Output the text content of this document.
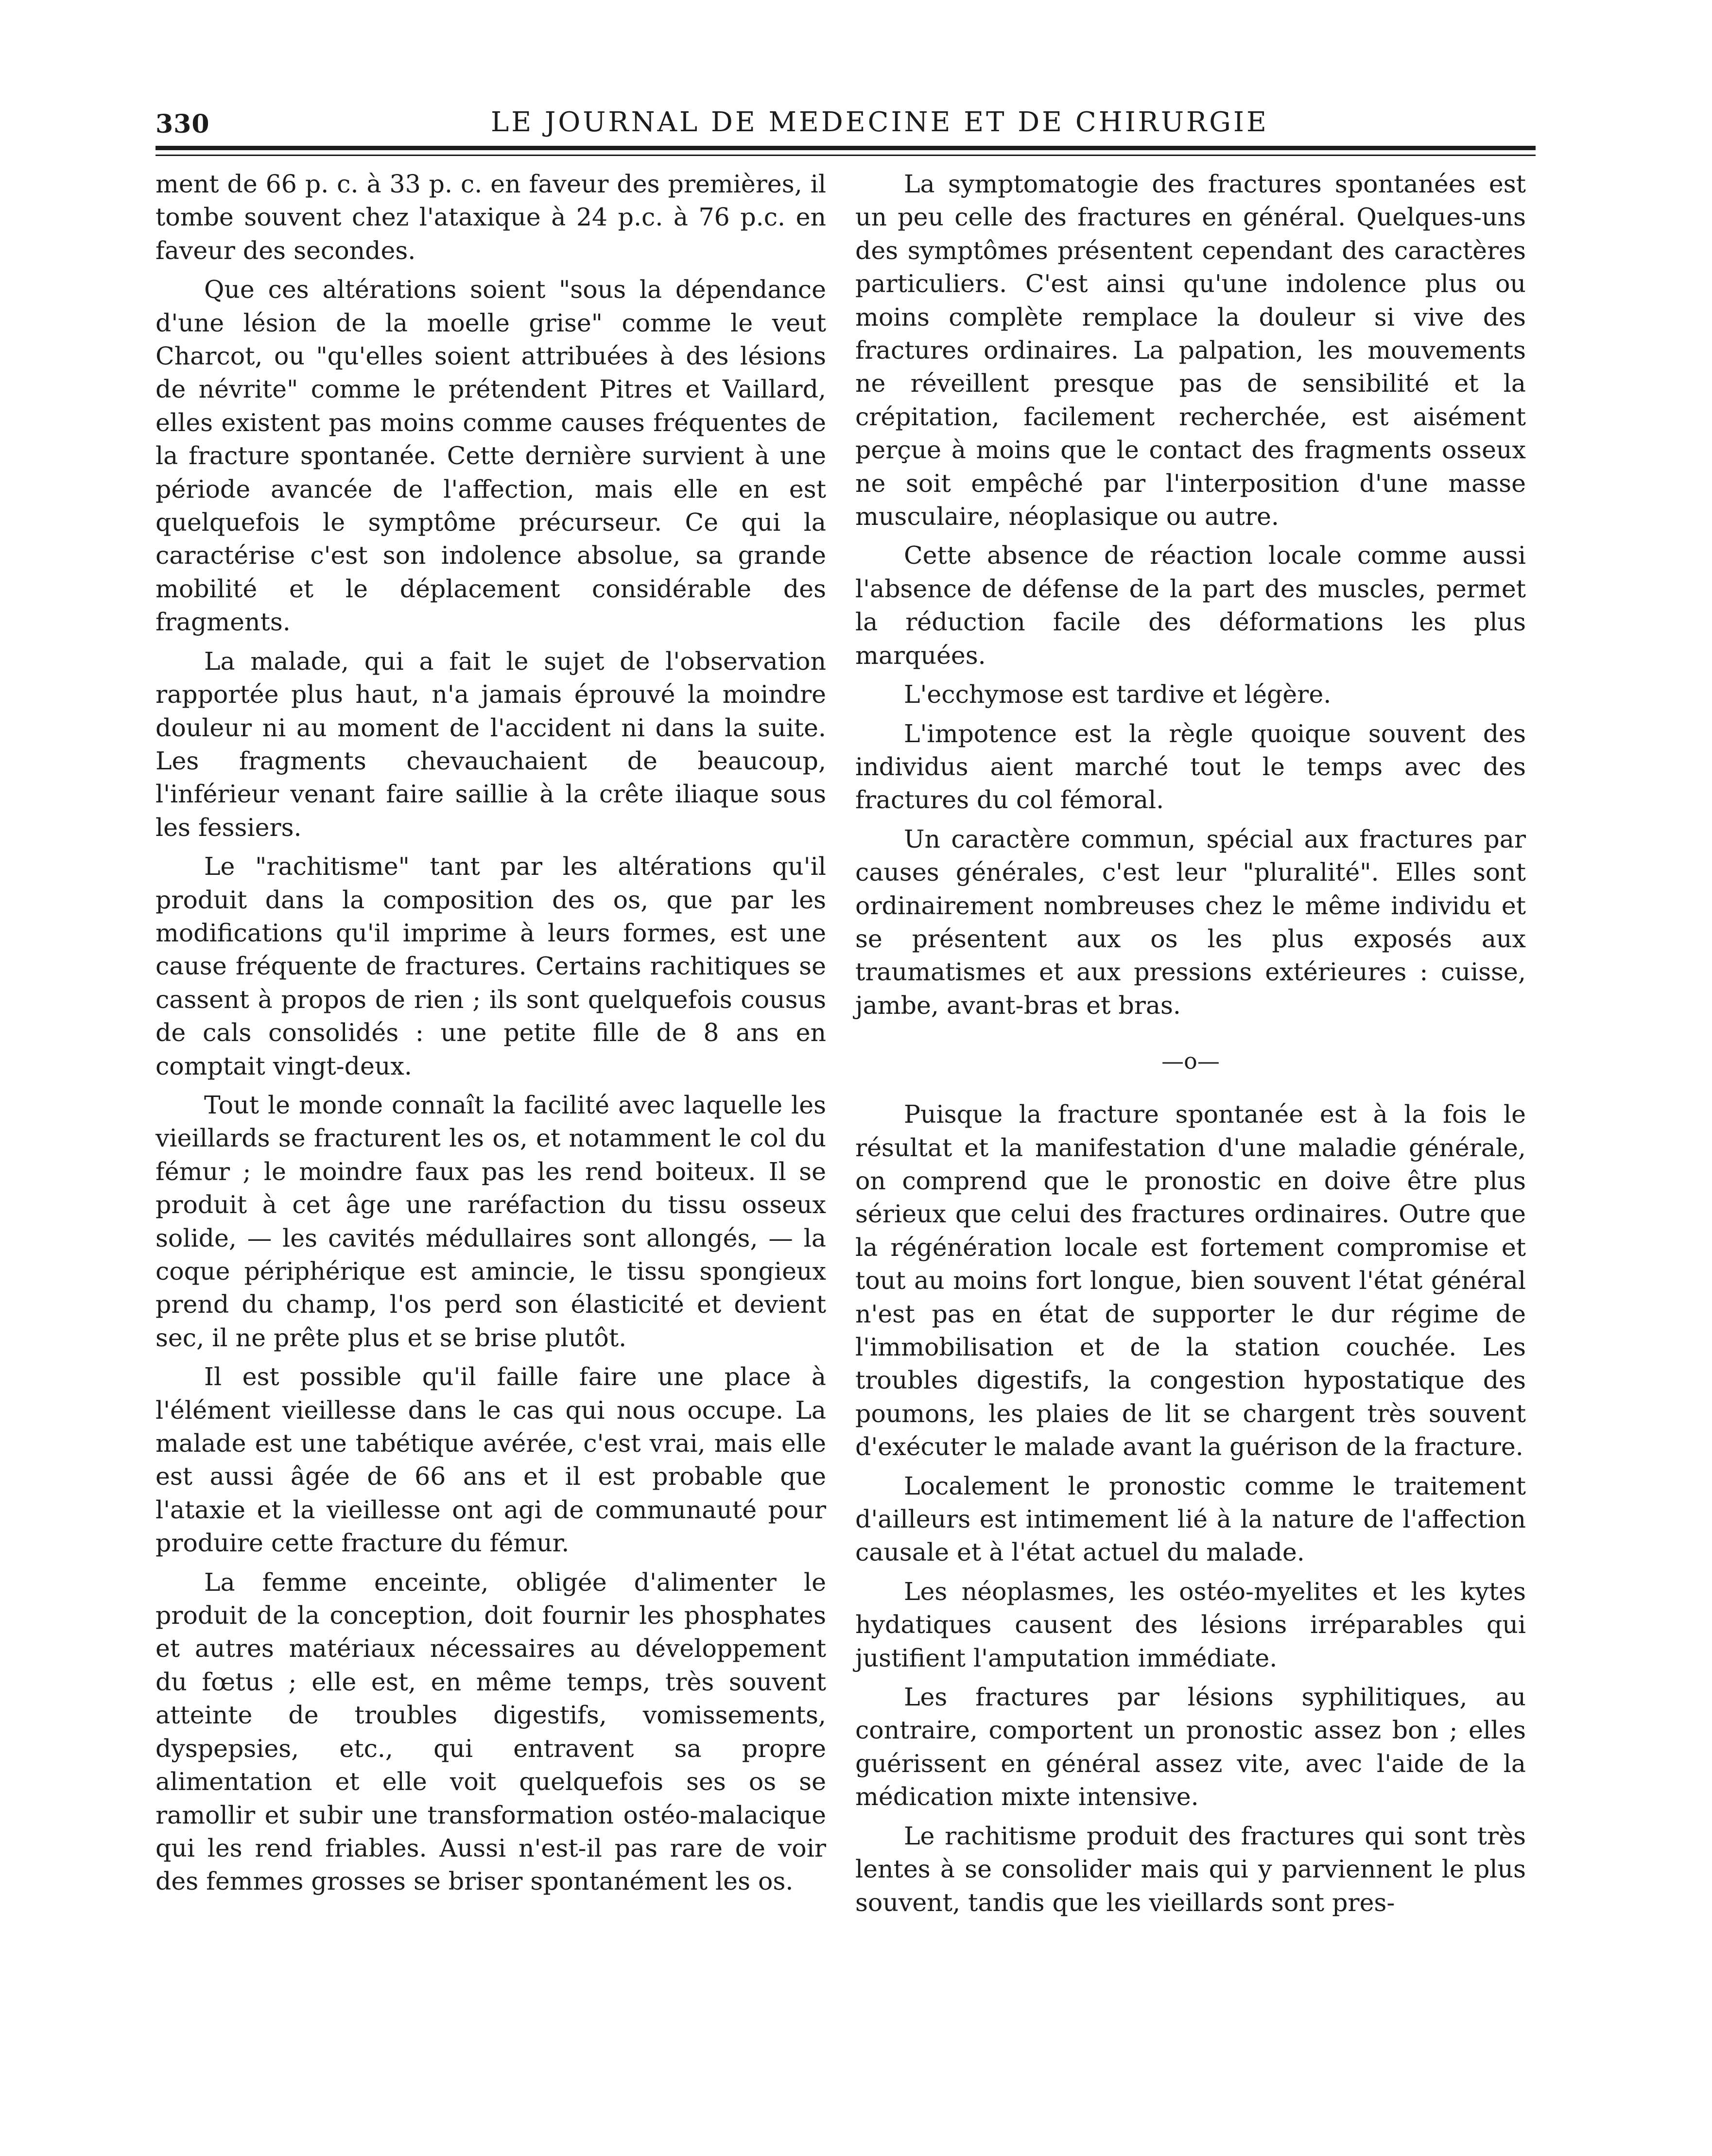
330	LE JOURNAL DE MEDECINE ET DE CHIRURGIE

ment de 66 p. c. à 33 p. c. en faveur des premières, il tombe souvent chez l'ataxique à 24 p.c. à 76 p.c. en faveur des secondes.

Que ces altérations soient "sous la dépendance d'une lésion de la moelle grise" comme le veut Charcot, ou "qu'elles soient attribuées à des lésions de névrite" comme le prétendent Pitres et Vaillard, elles existent pas moins comme causes fréquentes de la fracture spontanée. Cette dernière survient à une période avancée de l'affection, mais elle en est quelquefois le symptôme précurseur. Ce qui la caractérise c'est son indolence absolue, sa grande mobilité et le déplacement considérable des fragments.

La malade, qui a fait le sujet de l'observation rapportée plus haut, n'a jamais éprouvé la moindre douleur ni au moment de l'accident ni dans la suite. Les fragments chevauchaient de beaucoup, l'inférieur venant faire saillie à la crête iliaque sous les fessiers.

Le "rachitisme" tant par les altérations qu'il produit dans la composition des os, que par les modifications qu'il imprime à leurs formes, est une cause fréquente de fractures. Certains rachitiques se cassent à propos de rien ; ils sont quelquefois cousus de cals consolidés : une petite fille de 8 ans en comptait vingt-deux.

Tout le monde connaît la facilité avec laquelle les vieillards se fracturent les os, et notamment le col du fémur ; le moindre faux pas les rend boiteux. Il se produit à cet âge une raréfaction du tissu osseux solide, — les cavités médullaires sont allongés, — la coque périphérique est amincie, le tissu spongieux prend du champ, l'os perd son élasticité et devient sec, il ne prête plus et se brise plutôt.

Il est possible qu'il faille faire une place à l'élément vieillesse dans le cas qui nous occupe. La malade est une tabétique avérée, c'est vrai, mais elle est aussi âgée de 66 ans et il est probable que l'ataxie et la vieillesse ont agi de communauté pour produire cette fracture du fémur.

La femme enceinte, obligée d'alimenter le produit de la conception, doit fournir les phosphates et autres matériaux nécessaires au développement du fœtus ; elle est, en même temps, très souvent atteinte de troubles digestifs, vomissements, dyspepsies, etc., qui entravent sa propre alimentation et elle voit quelquefois ses os se ramollir et subir une transformation ostéo-malacique qui les rend friables. Aussi n'est-il pas rare de voir des femmes grosses se briser spontanément les os.

La symptomatogie des fractures spontanées est un peu celle des fractures en général. Quelques-uns des symptômes présentent cependant des caractères particuliers. C'est ainsi qu'une indolence plus ou moins complète remplace la douleur si vive des fractures ordinaires. La palpation, les mouvements ne réveillent presque pas de sensibilité et la crépitation, facilement recherchée, est aisément perçue à moins que le contact des fragments osseux ne soit empêché par l'interposition d'une masse musculaire, néoplasique ou autre.

Cette absence de réaction locale comme aussi l'absence de défense de la part des muscles, permet la réduction facile des déformations les plus marquées.

L'ecchymose est tardive et légère.

L'impotence est la règle quoique souvent des individus aient marché tout le temps avec des fractures du col fémoral.

Un caractère commun, spécial aux fractures par causes générales, c'est leur "pluralité". Elles sont ordinairement nombreuses chez le même individu et se présentent aux os les plus exposés aux traumatismes et aux pressions extérieures : cuisse, jambe, avant-bras et bras.

—o—

Puisque la fracture spontanée est à la fois le résultat et la manifestation d'une maladie générale, on comprend que le pronostic en doive être plus sérieux que celui des fractures ordinaires. Outre que la régénération locale est fortement compromise et tout au moins fort longue, bien souvent l'état général n'est pas en état de supporter le dur régime de l'immobilisation et de la station couchée. Les troubles digestifs, la congestion hypostatique des poumons, les plaies de lit se chargent très souvent d'exécuter le malade avant la guérison de la fracture.

Localement le pronostic comme le traitement d'ailleurs est intimement lié à la nature de l'affection causale et à l'état actuel du malade.

Les néoplasmes, les ostéo-myelites et les kytes hydatiques causent des lésions irréparables qui justifient l'amputation immédiate.

Les fractures par lésions syphilitiques, au contraire, comportent un pronostic assez bon ; elles guérissent en général assez vite, avec l'aide de la médication mixte intensive.

Le rachitisme produit des fractures qui sont très lentes à se consolider mais qui y parviennent le plus souvent, tandis que les vieillards sont pres-
